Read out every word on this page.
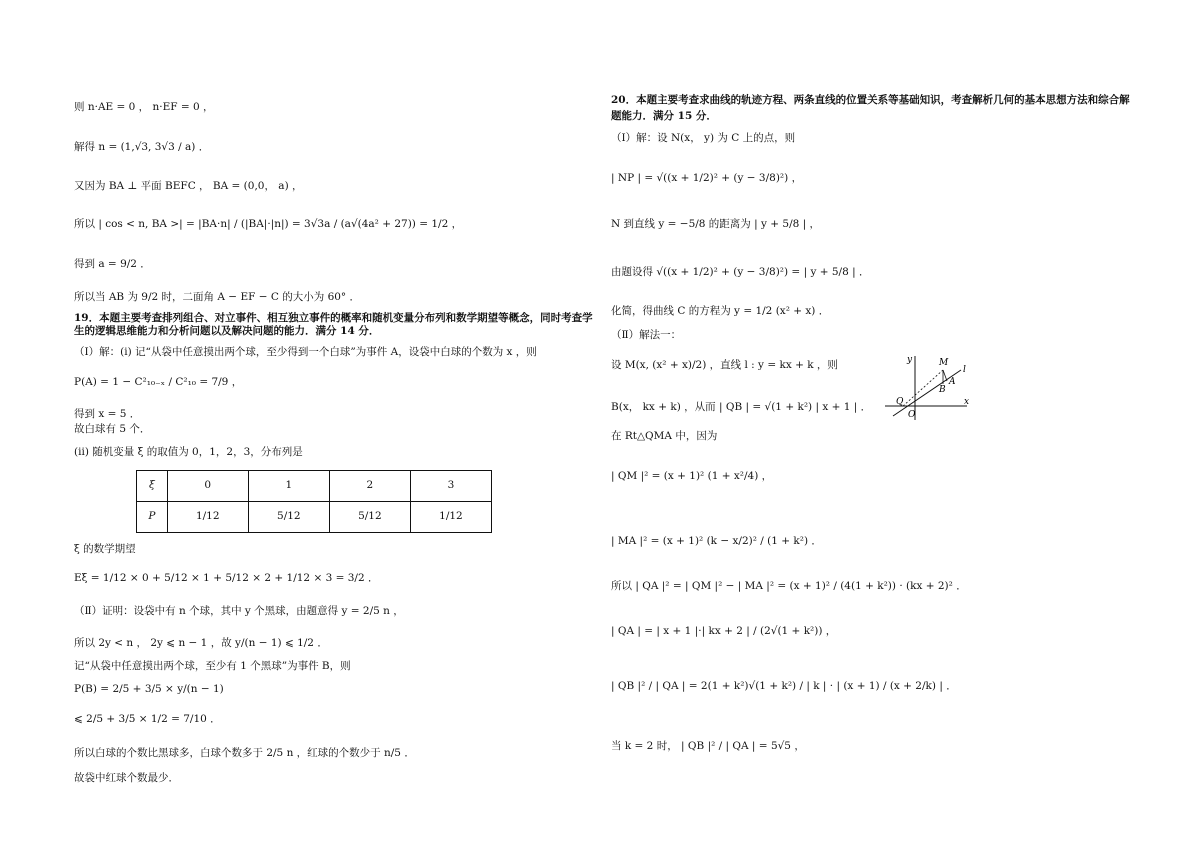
则 n·AE = 0 ， n·EF = 0 ，
解得 n = (1,√3, 3√3 / a) ．
又因为 BA ⊥ 平面 BEFC ， BA = (0,0， a) ，
所以 | cos < n, BA >| = |BA·n| / (|BA|·|n|) = 3√3a / (a√(4a² + 27)) = 1/2 ，
得到 a = 9/2 ．
所以当 AB 为 9/2 时，二面角 A − EF − C 的大小为 60° ．
19．本题主要考查排列组合、对立事件、相互独立事件的概率和随机变量分布列和数学期望等概念，同时考查学生的逻辑思维能力和分析问题以及解决问题的能力．满分 14 分．
（Ⅰ）解：(i) 记“从袋中任意摸出两个球，至少得到一个白球”为事件 A，设袋中白球的个数为 x ，则
P(A) = 1 − C²₁₀₋ₓ / C²₁₀ = 7/9 ，
得到 x = 5 ．
故白球有 5 个．
(ii) 随机变量 ξ 的取值为 0，1，2，3，分布列是
ξ	0	1	2	3
P	1/12	5/12	5/12	1/12
ξ 的数学期望
Eξ = 1/12 × 0 + 5/12 × 1 + 5/12 × 2 + 1/12 × 3 = 3/2 ．
（Ⅱ）证明：设袋中有 n 个球，其中 y 个黑球，由题意得 y = 2/5 n ，
所以 2y < n ， 2y ⩽ n − 1 ，故 y/(n − 1) ⩽ 1/2 ．
记“从袋中任意摸出两个球，至少有 1 个黑球”为事件 B，则
P(B) = 2/5 + 3/5 × y/(n − 1)
⩽ 2/5 + 3/5 × 1/2 = 7/10 ．
所以白球的个数比黑球多，白球个数多于 2/5 n ，红球的个数少于 n/5 ．
故袋中红球个数最少．
20．本题主要考查求曲线的轨迹方程、两条直线的位置关系等基础知识，考查解析几何的基本思想方法和综合解
题能力．满分 15 分．
（Ⅰ）解：设 N(x， y) 为 C 上的点，则
| NP | = √((x + 1/2)² + (y − 3/8)²) ，
N 到直线 y = −5/8 的距离为 | y + 5/8 | ，
由题设得 √((x + 1/2)² + (y − 3/8)²) = | y + 5/8 | ．
化简，得曲线 C 的方程为 y = 1/2 (x² + x) ．
（Ⅱ）解法一：
设 M(x, (x² + x)/2) ，直线 l : y = kx + k ，则
B(x， kx + k) ，从而 | QB | = √(1 + k²) | x + 1 | ．
在 Rt△QMA 中，因为
| QM |² = (x + 1)² (1 + x²/4) ，
| MA |² = (x + 1)² (k − x/2)² / (1 + k²) ．
所以 | QA |² = | QM |² − | MA |² = (x + 1)² / (4(1 + k²)) · (kx + 2)² ．
| QA | = | x + 1 |·| kx + 2 | / (2√(1 + k²)) ，
| QB |² / | QA | = 2(1 + k²)√(1 + k²) / | k | · | (x + 1) / (x + 2/k) | ．
当 k = 2 时， | QB |² / | QA | = 5√5 ，
y	M
l
A
B
Q
O
x
